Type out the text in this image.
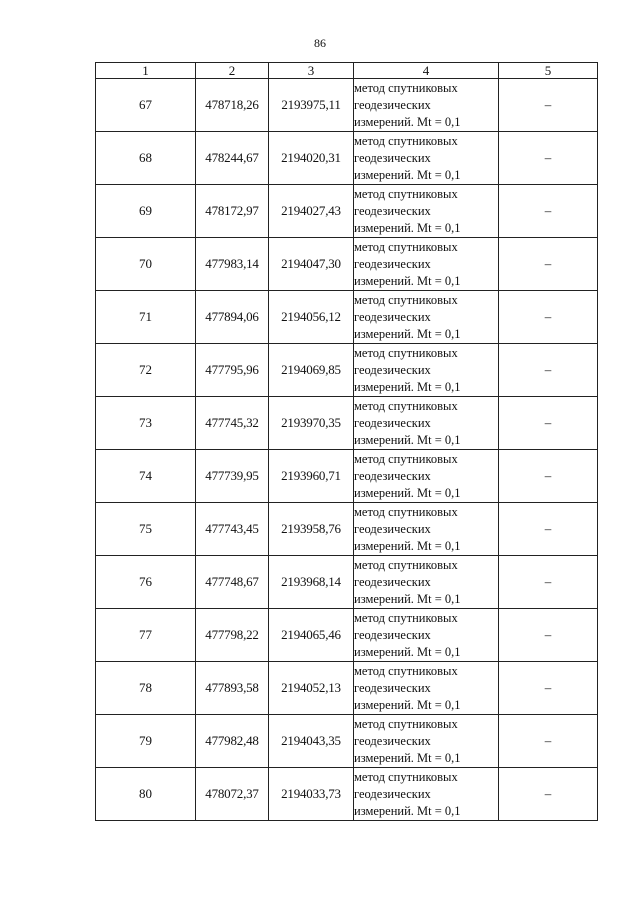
86
1	2	3	4	5
67	478718,26	2193975,11	метод спутниковых
геодезических
измерений. Mt = 0,1	–
68	478244,67	2194020,31	метод спутниковых
геодезических
измерений. Mt = 0,1	–
69	478172,97	2194027,43	метод спутниковых
геодезических
измерений. Mt = 0,1	–
70	477983,14	2194047,30	метод спутниковых
геодезических
измерений. Mt = 0,1	–
71	477894,06	2194056,12	метод спутниковых
геодезических
измерений. Mt = 0,1	–
72	477795,96	2194069,85	метод спутниковых
геодезических
измерений. Mt = 0,1	–
73	477745,32	2193970,35	метод спутниковых
геодезических
измерений. Mt = 0,1	–
74	477739,95	2193960,71	метод спутниковых
геодезических
измерений. Mt = 0,1	–
75	477743,45	2193958,76	метод спутниковых
геодезических
измерений. Mt = 0,1	–
76	477748,67	2193968,14	метод спутниковых
геодезических
измерений. Mt = 0,1	–
77	477798,22	2194065,46	метод спутниковых
геодезических
измерений. Mt = 0,1	–
78	477893,58	2194052,13	метод спутниковых
геодезических
измерений. Mt = 0,1	–
79	477982,48	2194043,35	метод спутниковых
геодезических
измерений. Mt = 0,1	–
80	478072,37	2194033,73	метод спутниковых
геодезических
измерений. Mt = 0,1	–
